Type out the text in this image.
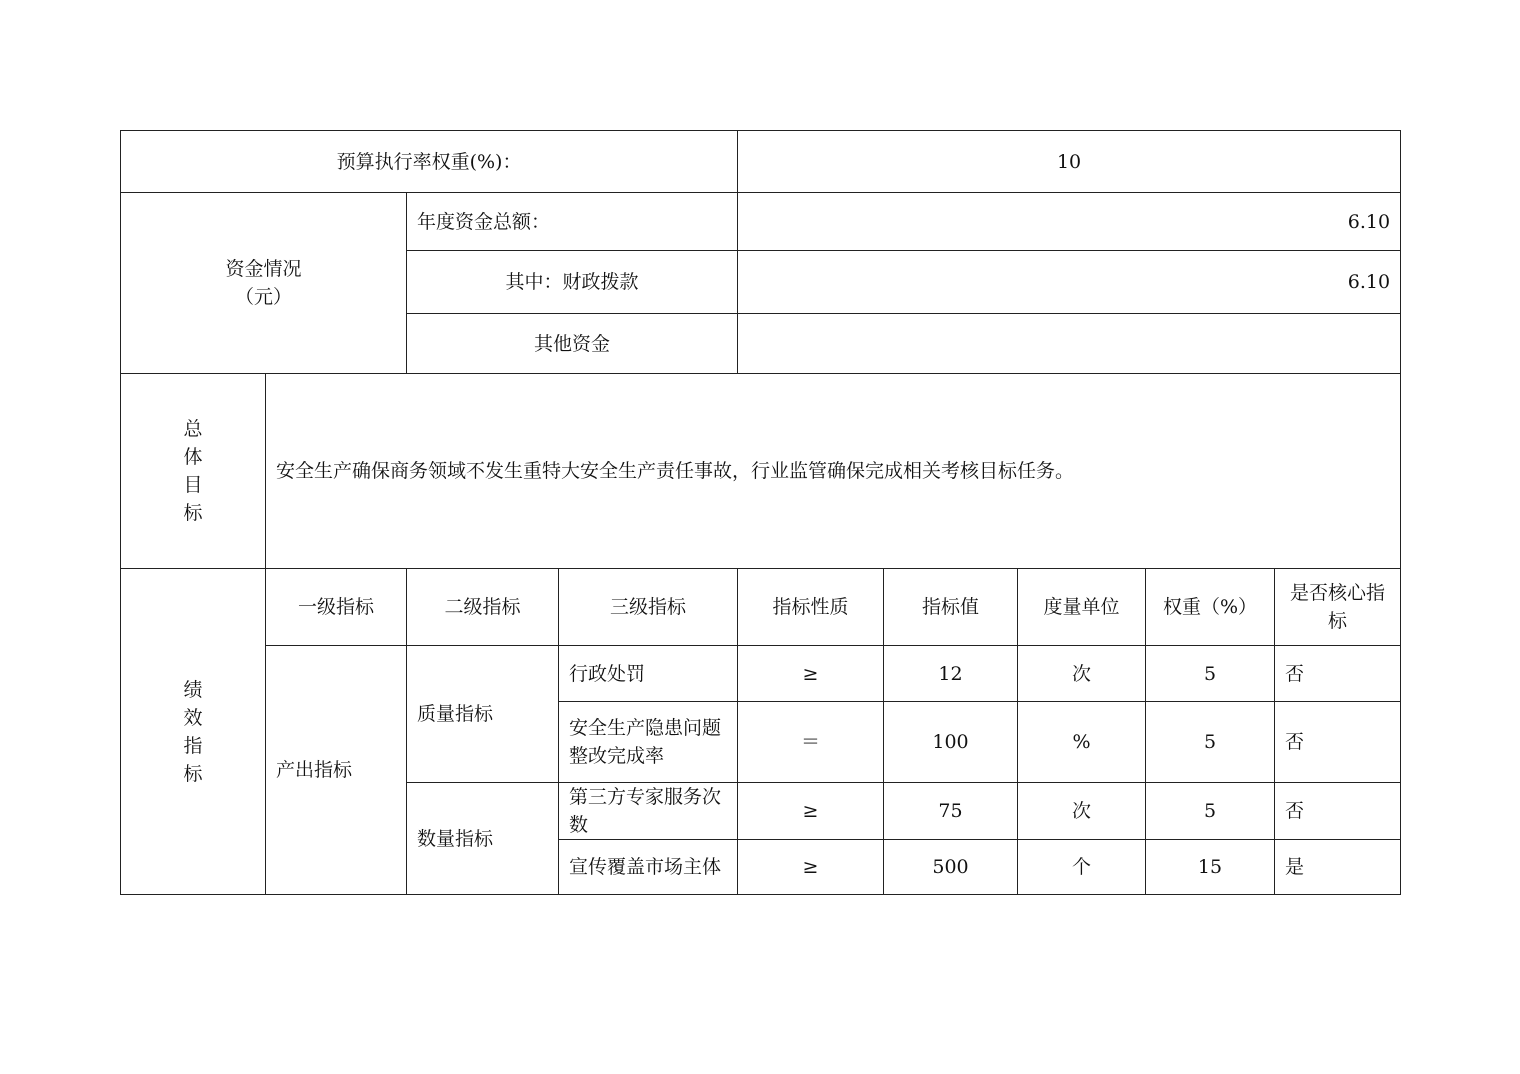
预算执行率权重(%)：				10				

资金情况
（元）		年度资金总额：		6.10				
		其中：财政拨款		6.10				
		其他资金						

总
体
目
标	安全生产确保商务领域不发生重特大安全生产责任事故，行业监管确保完成相关考核目标任务。							

绩
效
指
标	一级指标	二级指标	三级指标	指标性质	指标值	度量单位	权重（%）	是否核心指标
	产出指标	质量指标	行政处罚	≥	12	次	5	否
			安全生产隐患问题整改完成率	＝	100	%	5	否
		数量指标	第三方专家服务次数	≥	75	次	5	否
			宣传覆盖市场主体	≥	500	个	15	是
